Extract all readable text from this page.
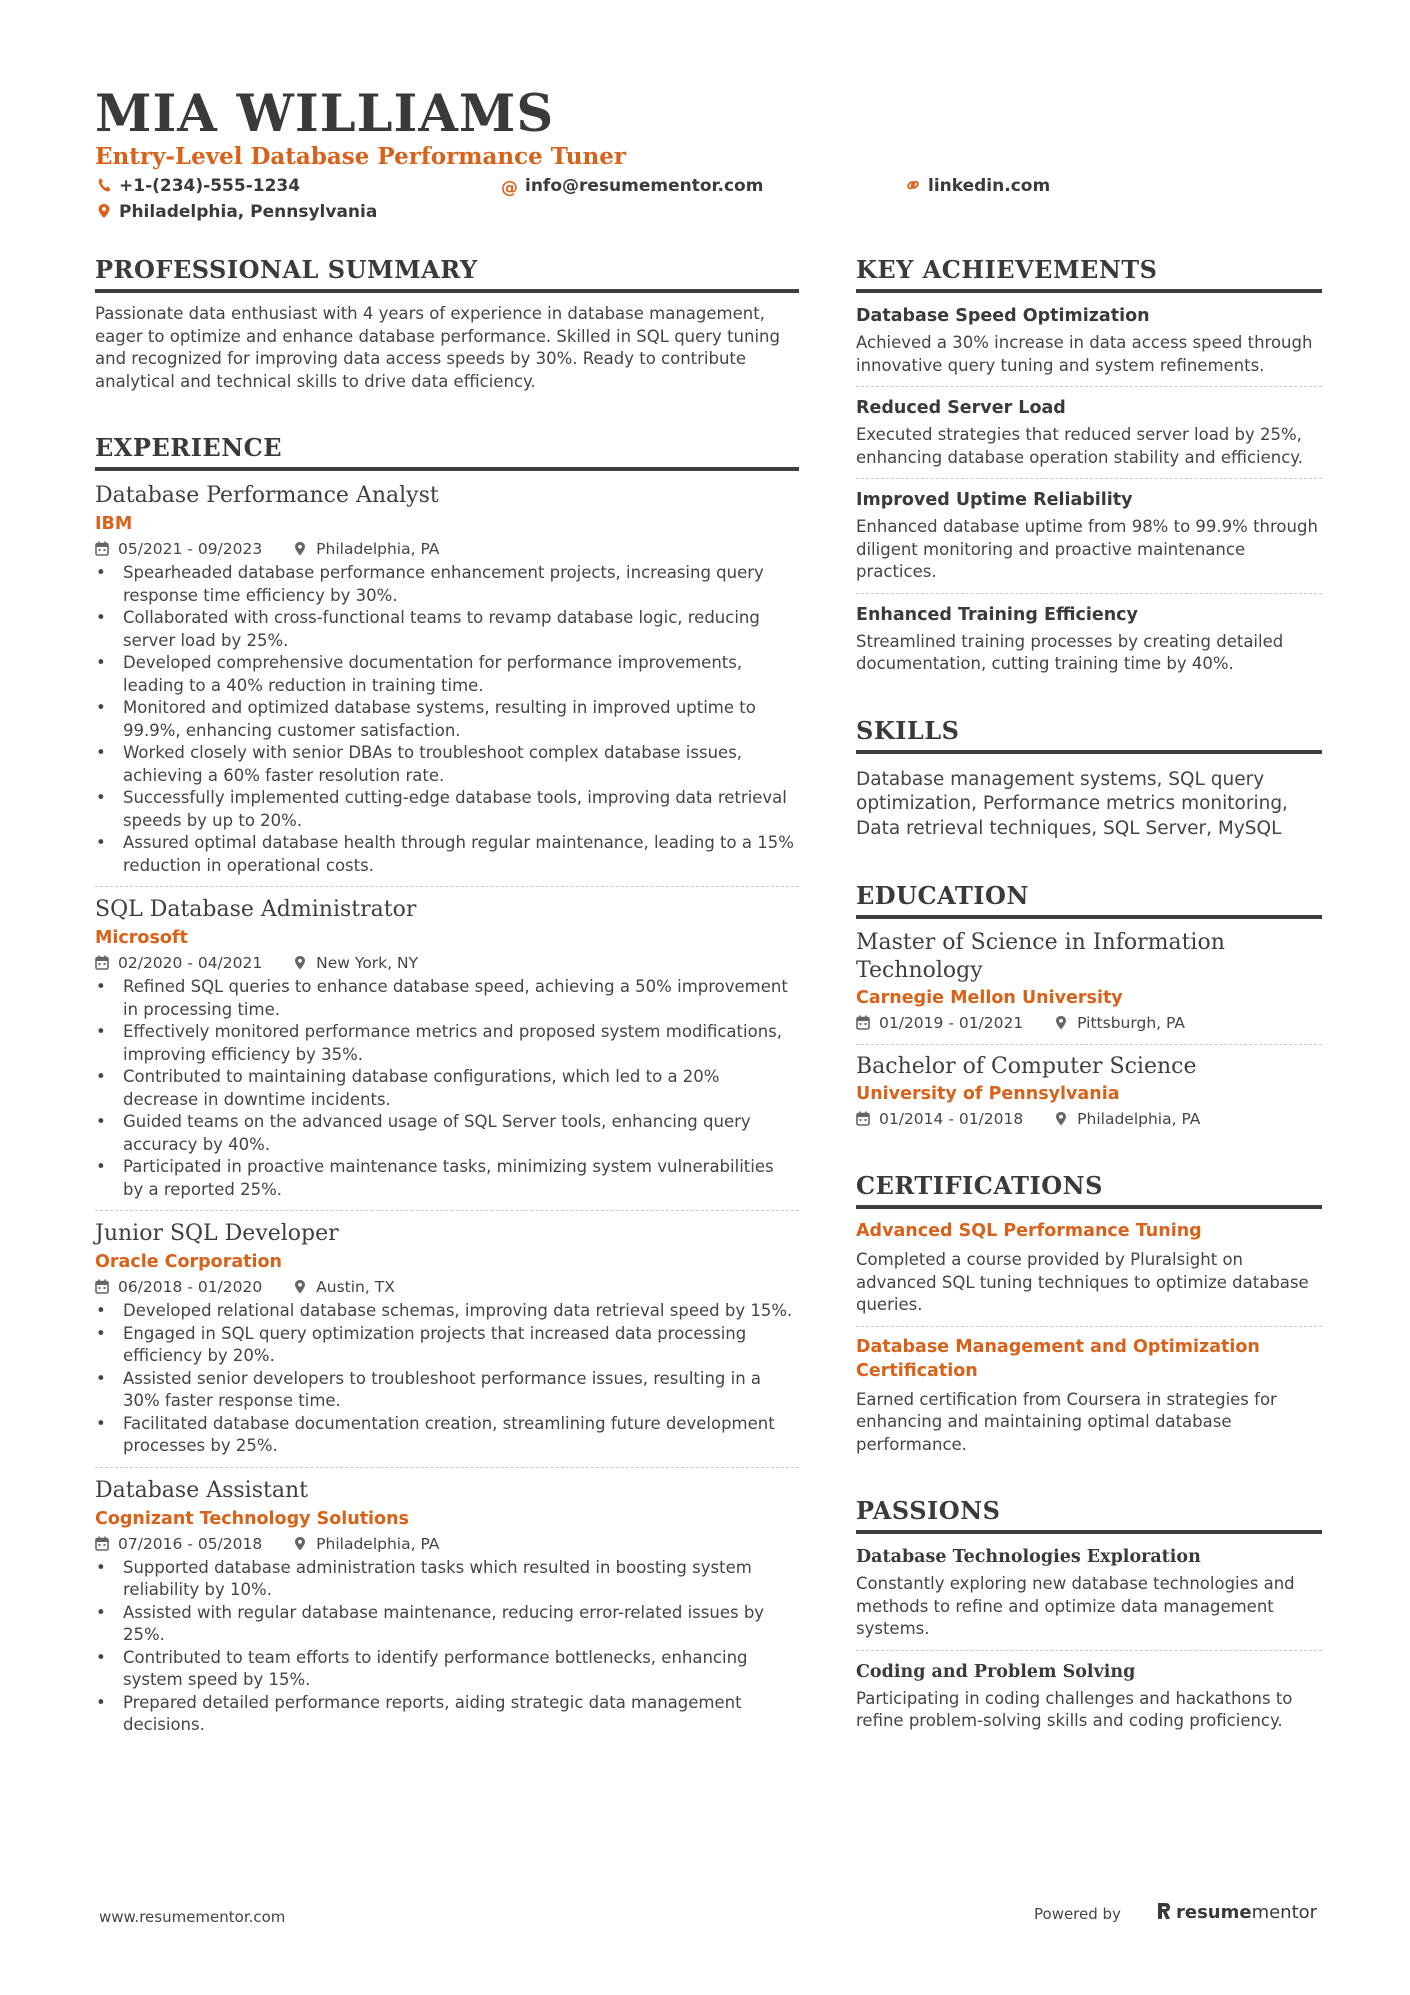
MIA WILLIAMS
Entry-Level Database Performance Tuner
+1-(234)-555-1234	@ info@resumementor.com	linkedin.com
Philadelphia, Pennsylvania
PROFESSIONAL SUMMARY

Passionate data enthusiast with 4 years of experience in database management, eager to optimize and enhance database performance. Skilled in SQL query tuning and recognized for improving data access speeds by 30%. Ready to contribute analytical and technical skills to drive data efficiency.

EXPERIENCE
Database Performance Analyst
IBM
05/2021 - 09/2023	Philadelphia, PA
• Spearheaded database performance enhancement projects, increasing query response time efficiency by 30%.
• Collaborated with cross-functional teams to revamp database logic, reducing server load by 25%.
• Developed comprehensive documentation for performance improvements, leading to a 40% reduction in training time.
• Monitored and optimized database systems, resulting in improved uptime to 99.9%, enhancing customer satisfaction.
• Worked closely with senior DBAs to troubleshoot complex database issues, achieving a 60% faster resolution rate.
• Successfully implemented cutting-edge database tools, improving data retrieval speeds by up to 20%.
• Assured optimal database health through regular maintenance, leading to a 15% reduction in operational costs.
SQL Database Administrator
Microsoft
02/2020 - 04/2021	New York, NY
• Refined SQL queries to enhance database speed, achieving a 50% improvement in processing time.
• Effectively monitored performance metrics and proposed system modifications, improving efficiency by 35%.
• Contributed to maintaining database configurations, which led to a 20% decrease in downtime incidents.
• Guided teams on the advanced usage of SQL Server tools, enhancing query accuracy by 40%.
• Participated in proactive maintenance tasks, minimizing system vulnerabilities by a reported 25%.
Junior SQL Developer
Oracle Corporation
06/2018 - 01/2020	Austin, TX
• Developed relational database schemas, improving data retrieval speed by 15%.
• Engaged in SQL query optimization projects that increased data processing efficiency by 20%.
• Assisted senior developers to troubleshoot performance issues, resulting in a 30% faster response time.
• Facilitated database documentation creation, streamlining future development processes by 25%.
Database Assistant
Cognizant Technology Solutions
07/2016 - 05/2018	Philadelphia, PA
• Supported database administration tasks which resulted in boosting system reliability by 10%.
• Assisted with regular database maintenance, reducing error-related issues by 25%.
• Contributed to team efforts to identify performance bottlenecks, enhancing system speed by 15%.
• Prepared detailed performance reports, aiding strategic data management decisions.
KEY ACHIEVEMENTS
Database Speed Optimization
Achieved a 30% increase in data access speed through innovative query tuning and system refinements.
Reduced Server Load
Executed strategies that reduced server load by 25%, enhancing database operation stability and efficiency.
Improved Uptime Reliability
Enhanced database uptime from 98% to 99.9% through diligent monitoring and proactive maintenance practices.
Enhanced Training Efficiency
Streamlined training processes by creating detailed documentation, cutting training time by 40%.
SKILLS
Database management systems, SQL query optimization, Performance metrics monitoring, Data retrieval techniques, SQL Server, MySQL
EDUCATION
Master of Science in Information Technology
Carnegie Mellon University
01/2019 - 01/2021	Pittsburgh, PA
Bachelor of Computer Science
University of Pennsylvania
01/2014 - 01/2018	Philadelphia, PA
CERTIFICATIONS
Advanced SQL Performance Tuning
Completed a course provided by Pluralsight on advanced SQL tuning techniques to optimize database queries.
Database Management and Optimization Certification
Earned certification from Coursera in strategies for enhancing and maintaining optimal database performance.
PASSIONS
Database Technologies Exploration
Constantly exploring new database technologies and methods to refine and optimize data management systems.
Coding and Problem Solving
Participating in coding challenges and hackathons to refine problem-solving skills and coding proficiency.
www.resumementor.com	Powered by	resumementor
